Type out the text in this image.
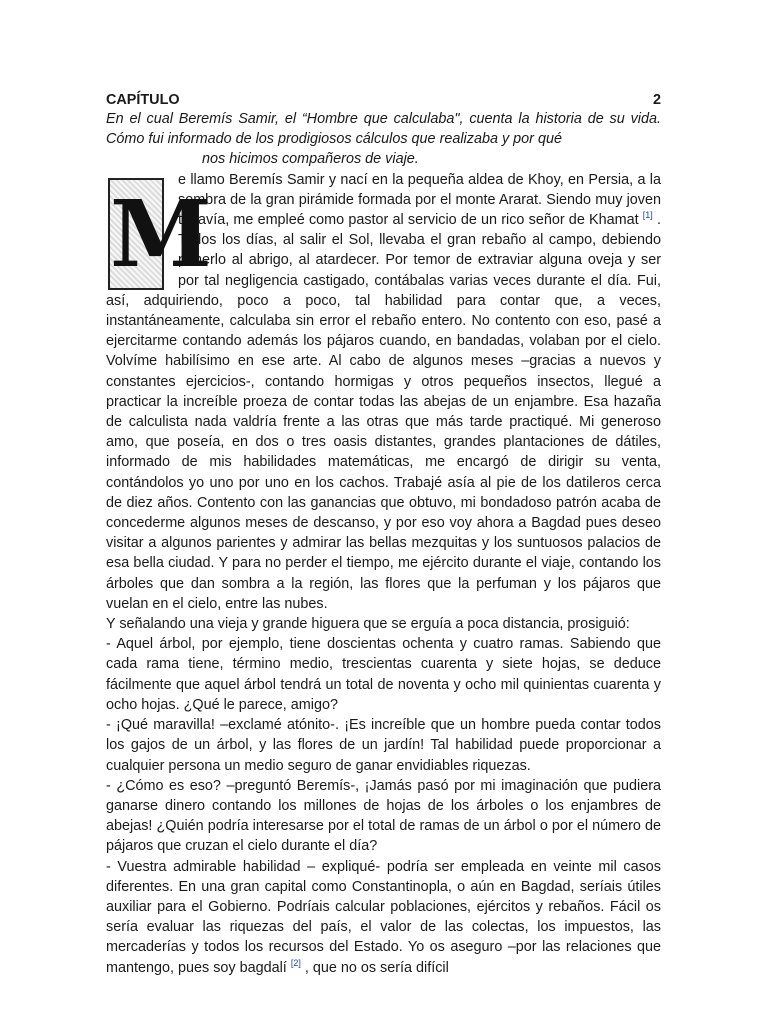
CAPÍTULO	2
En el cual Beremís Samir, el “Hombre que calculaba", cuenta la historia de su vida. Cómo fui informado de los prodigiosos cálculos que realizaba y por qué
nos hicimos compañeros de viaje.
M
e llamo Beremís Samir y nací en la pequeña aldea de Khoy, en Persia, a la sombra de la gran pirámide formada por el monte Ararat. Siendo muy joven todavía, me empleé como pastor al servicio de un rico señor de Khamat [1] . Todos los días, al salir el Sol, llevaba el gran rebaño al campo, debiendo ponerlo al abrigo, al atardecer. Por temor de extraviar alguna oveja y ser por tal negligencia castigado, contábalas varias veces durante el día. Fui, así, adquiriendo, poco a poco, tal habilidad para contar que, a veces, instantáneamente, calculaba sin error el rebaño entero. No contento con eso, pasé a ejercitarme contando además los pájaros cuando, en bandadas, volaban por el cielo. Volvíme habilísimo en ese arte. Al cabo de algunos meses –gracias a nuevos y constantes ejercicios-, contando hormigas y otros pequeños insectos, llegué a practicar la increíble proeza de contar todas las abejas de un enjambre. Esa hazaña de calculista nada valdría frente a las otras que más tarde practiqué. Mi generoso amo, que poseía, en dos o tres oasis distantes, grandes plantaciones de dátiles, informado de mis habilidades matemáticas, me encargó de dirigir su venta, contándolos yo uno por uno en los cachos. Trabajé asía al pie de los datileros cerca de diez años. Contento con las ganancias que obtuvo, mi bondadoso patrón acaba de concederme algunos meses de descanso, y por eso voy ahora a Bagdad pues deseo visitar a algunos parientes y admirar las bellas mezquitas y los suntuosos palacios de esa bella ciudad. Y para no perder el tiempo, me ejército durante el viaje, contando los árboles que dan sombra a la región, las flores que la perfuman y los pájaros que vuelan en el cielo, entre las nubes.
Y señalando una vieja y grande higuera que se erguía a poca distancia, prosiguió:
- Aquel árbol, por ejemplo, tiene doscientas ochenta y cuatro ramas. Sabiendo que cada rama tiene, término medio, trescientas cuarenta y siete hojas, se deduce fácilmente que aquel árbol tendrá un total de noventa y ocho mil quinientas cuarenta y ocho hojas. ¿Qué le parece, amigo?
- ¡Qué maravilla! –exclamé atónito-. ¡Es increíble que un hombre pueda contar todos los gajos de un árbol, y las flores de un jardín! Tal habilidad puede proporcionar a cualquier persona un medio seguro de ganar envidiables riquezas.
- ¿Cómo es eso? –preguntó Beremís-, ¡Jamás pasó por mi imaginación que pudiera ganarse dinero contando los millones de hojas de los árboles o los enjambres de abejas! ¿Quién podría interesarse por el total de ramas de un árbol o por el número de pájaros que cruzan el cielo durante el día?
- Vuestra admirable habilidad – expliqué- podría ser empleada en veinte mil casos diferentes. En una gran capital como Constantinopla, o aún en Bagdad, seríais útiles auxiliar para el Gobierno. Podríais calcular poblaciones, ejércitos y rebaños. Fácil os sería evaluar las riquezas del país, el valor de las colectas, los impuestos, las mercaderías y todos los recursos del Estado. Yo os aseguro –por las relaciones que mantengo, pues soy bagdalí [2] , que no os sería difícil
